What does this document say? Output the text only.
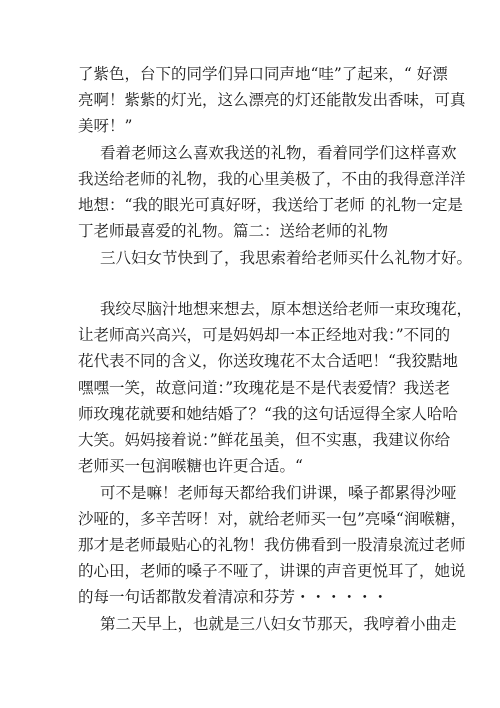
了紫色，台下的同学们异口同声地“哇”了起来，“ 好漂
亮啊！紫紫的灯光，这么漂亮的灯还能散发出香味，可真
美呀！”
看着老师这么喜欢我送的礼物，看着同学们这样喜欢
我送给老师的礼物，我的心里美极了，不由的我得意洋洋
地想：“我的眼光可真好呀，我送给丁老师 的礼物一定是
丁老师最喜爱的礼物。篇二：送给老师的礼物
三八妇女节快到了，我思索着给老师买什么礼物才好。
我绞尽脑汁地想来想去，原本想送给老师一束玫瑰花，
让老师高兴高兴，可是妈妈却一本正经地对我：”不同的
花代表不同的含义，你送玫瑰花不太合适吧！“我狡黠地
嘿嘿一笑，故意问道：”玫瑰花是不是代表爱情？我送老
师玫瑰花就要和她结婚了？“我的这句话逗得全家人哈哈
大笑。妈妈接着说：”鲜花虽美，但不实惠，我建议你给
老师买一包润喉糖也许更合适。“
可不是嘛！老师每天都给我们讲课，嗓子都累得沙哑
沙哑的，多辛苦呀！对，就给老师买一包”亮嗓“润喉糖，
那才是老师最贴心的礼物！我仿佛看到一股清泉流过老师
的心田，老师的嗓子不哑了，讲课的声音更悦耳了，她说
的每一句话都散发着清凉和芬芳・・・・・・
第二天早上，也就是三八妇女节那天，我哼着小曲走
